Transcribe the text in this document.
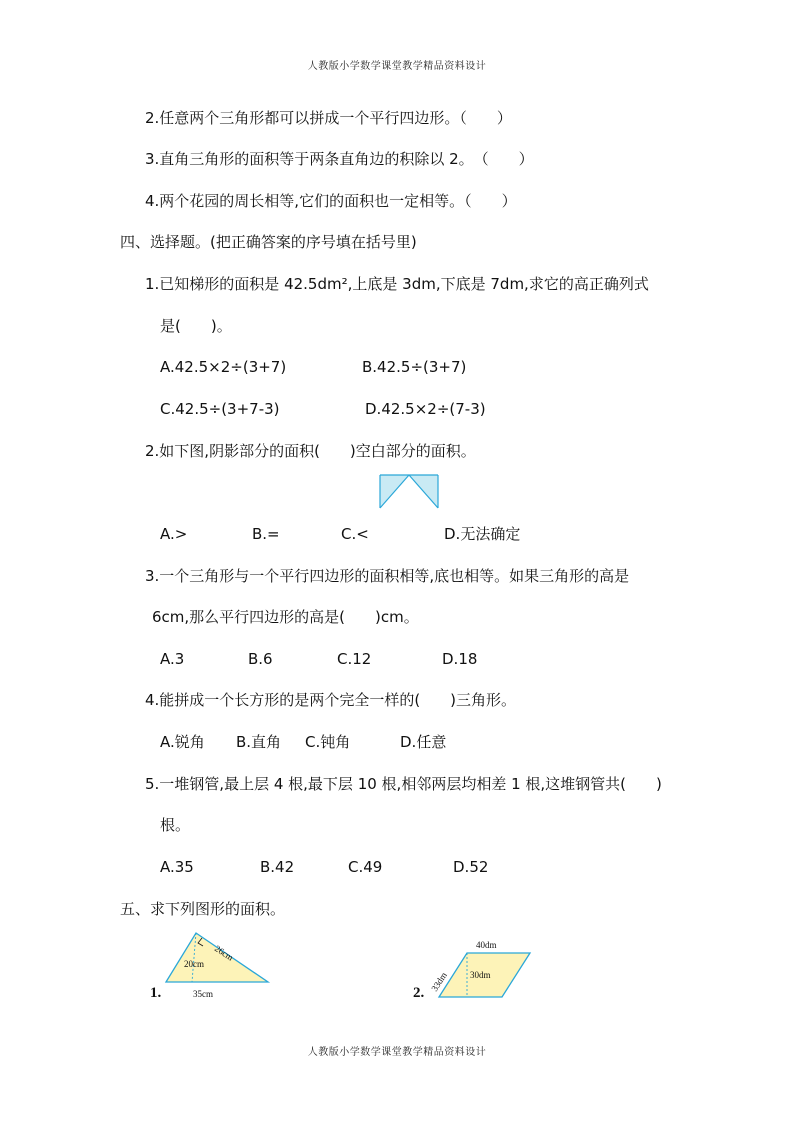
人教版小学数学课堂教学精品资料设计
2.任意两个三角形都可以拼成一个平行四边形。（　　）
3.直角三角形的面积等于两条直角边的积除以 2。　（　　）
4.两个花园的周长相等,它们的面积也一定相等。（　　）
四、选择题。(把正确答案的序号填在括号里)
1.已知梯形的面积是 42.5dm²,上底是 3dm,下底是 7dm,求它的高正确列式
是(　　)。
A.42.5×2÷(3+7)	B.42.5÷(3+7)
C.42.5÷(3+7-3)	D.42.5×2÷(7-3)
2.如下图,阴影部分的面积(　　)空白部分的面积。
A.>	B.=	C.<	D.无法确定
3.一个三角形与一个平行四边形的面积相等,底也相等。如果三角形的高是
6cm,那么平行四边形的高是(　　)cm。
A.3	B.6	C.12	D.18
4.能拼成一个长方形的是两个完全一样的(　　)三角形。
A.锐角 B.直角 C.钝角	D.任意
5.一堆钢管,最上层 4 根,最下层 10 根,相邻两层均相差 1 根,这堆钢管共(　　)
根。
A.35	B.42	C.49	D.52
五、求下列图形的面积。
26cm
20cm
35cm
1.
40dm
33dm 30dm
2.
人教版小学数学课堂教学精品资料设计
